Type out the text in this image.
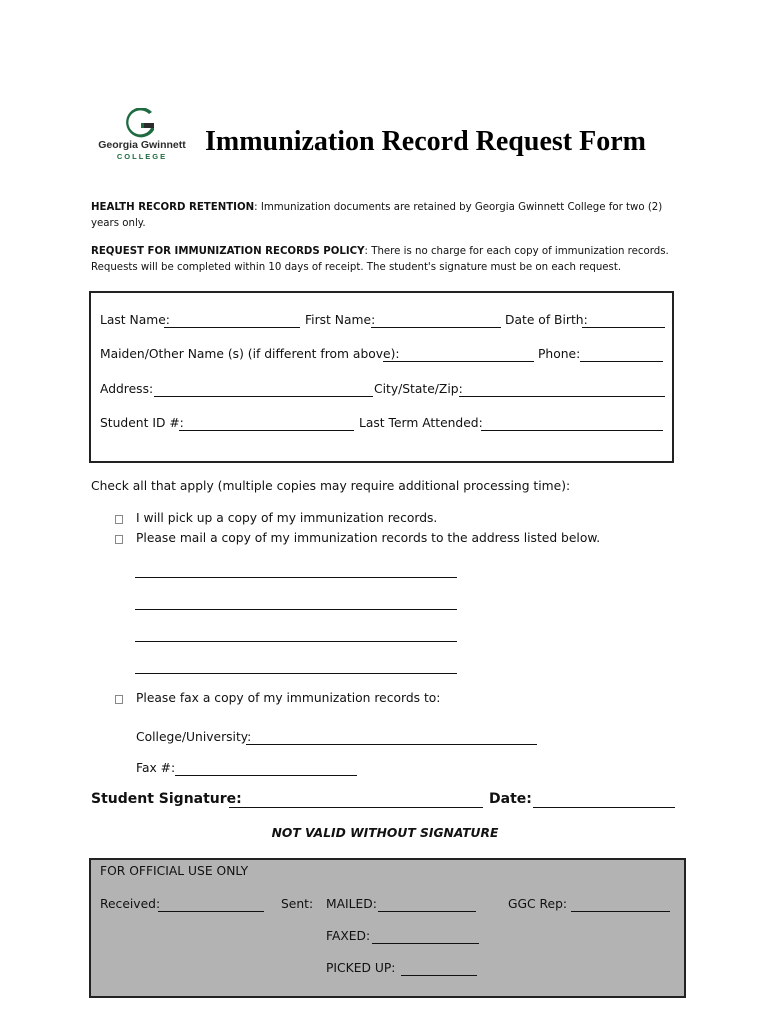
Georgia Gwinnett
COLLEGE	Immunization Record Request Form
HEALTH RECORD RETENTION: Immunization documents are retained by Georgia Gwinnett College for two (2) years only.
REQUEST FOR IMMUNIZATION RECORDS POLICY: There is no charge for each copy of immunization records. Requests will be completed within 10 days of receipt. The student's signature must be on each request.
Last Name:	First Name:	Date of Birth:
Maiden/Other Name (s) (if different from above):	Phone:
Address:	City/State/Zip:
Student ID #:	Last Term Attended:
Check all that apply (multiple copies may require additional processing time):
I will pick up a copy of my immunization records.
Please mail a copy of my immunization records to the address listed below.
Please fax a copy of my immunization records to:
College/University:
Fax #:
Student Signature:	Date:
NOT VALID WITHOUT SIGNATURE
FOR OFFICIAL USE ONLY
Received:	Sent: MAILED:	GGC Rep:
FAXED:
PICKED UP:
